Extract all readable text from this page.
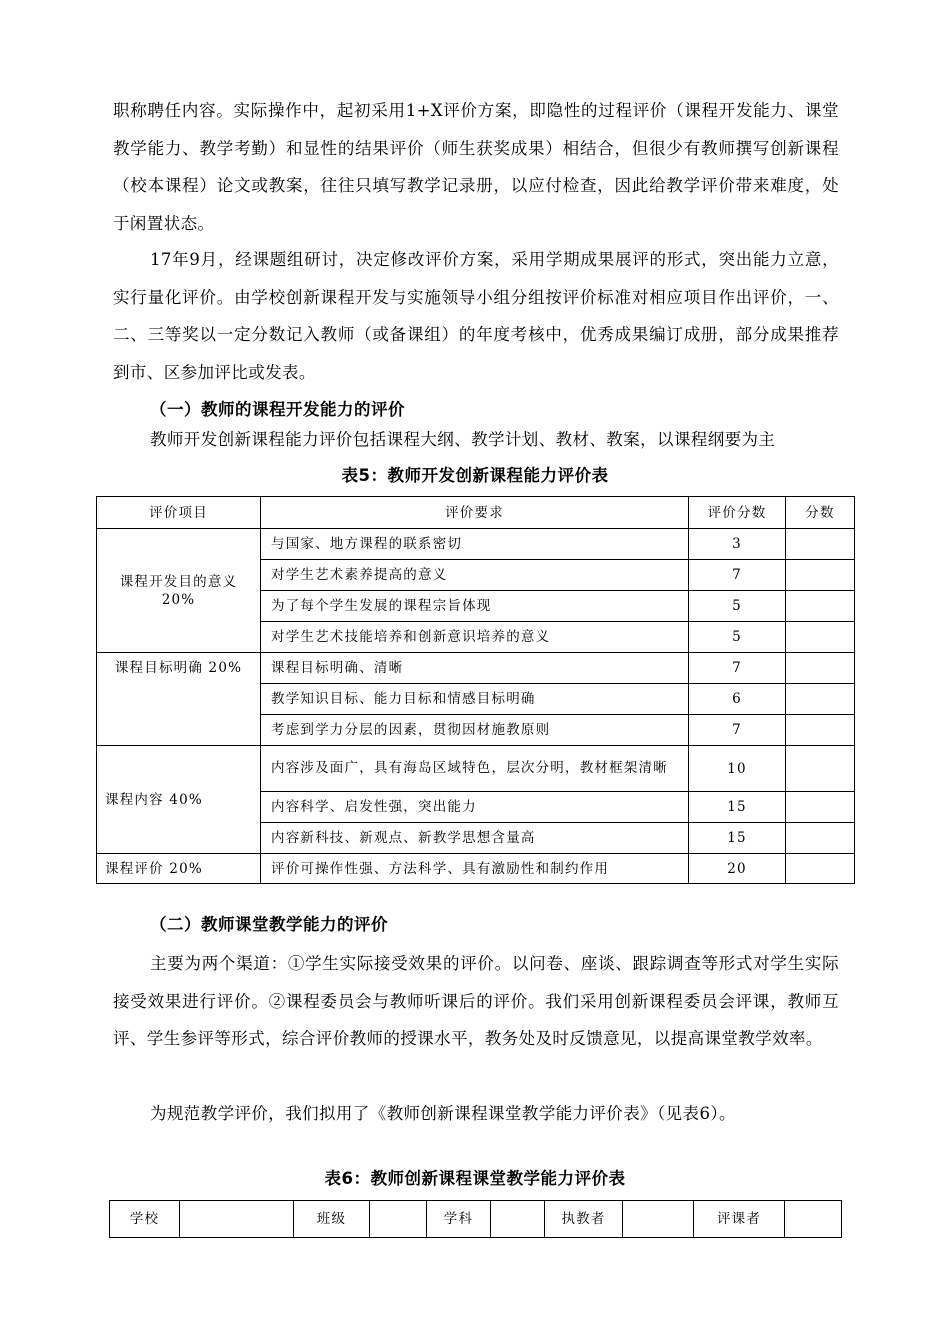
职称聘任内容。实际操作中，起初采用1+X评价方案，即隐性的过程评价（课程开发能力、课堂教学能力、教学考勤）和显性的结果评价（师生获奖成果）相结合，但很少有教师撰写创新课程（校本课程）论文或教案，往往只填写教学记录册，以应付检查，因此给教学评价带来难度，处于闲置状态。

17年9月，经课题组研讨，决定修改评价方案，采用学期成果展评的形式，突出能力立意，实行量化评价。由学校创新课程开发与实施领导小组分组按评价标准对相应项目作出评价，一、二、三等奖以一定分数记入教师（或备课组）的年度考核中，优秀成果编订成册，部分成果推荐到市、区参加评比或发表。

（一）教师的课程开发能力的评价

教师开发创新课程能力评价包括课程大纲、教学计划、教材、教案，以课程纲要为主

表5：教师开发创新课程能力评价表
评价项目	评价要求	评价分数	分数

课程开发目的意义
20%	与国家、地方课程的联系密切	3	
	对学生艺术素养提高的意义	7	
	为了每个学生发展的课程宗旨体现	5	
	对学生艺术技能培养和创新意识培养的意义	5	
课程目标明确 20%	课程目标明确、清晰	7	
	教学知识目标、能力目标和情感目标明确	6	
	考虑到学力分层的因素，贯彻因材施教原则	7	
课程内容 40%	内容涉及面广，具有海岛区域特色，层次分明，教材框架清晰	10	
	内容科学、启发性强，突出能力	15	
	内容新科技、新观点、新教学思想含量高	15	
课程评价 20%	评价可操作性强、方法科学、具有激励性和制约作用	20	
（二）教师课堂教学能力的评价

主要为两个渠道：①学生实际接受效果的评价。以问卷、座谈、跟踪调查等形式对学生实际接受效果进行评价。②课程委员会与教师听课后的评价。我们采用创新课程委员会评课，教师互评、学生参评等形式，综合评价教师的授课水平，教务处及时反馈意见，以提高课堂教学效率。

为规范教学评价，我们拟用了《教师创新课程课堂教学能力评价表》（见表6）。

表6：教师创新课程课堂教学能力评价表
学校		班级		学科		执教者		评课者	
